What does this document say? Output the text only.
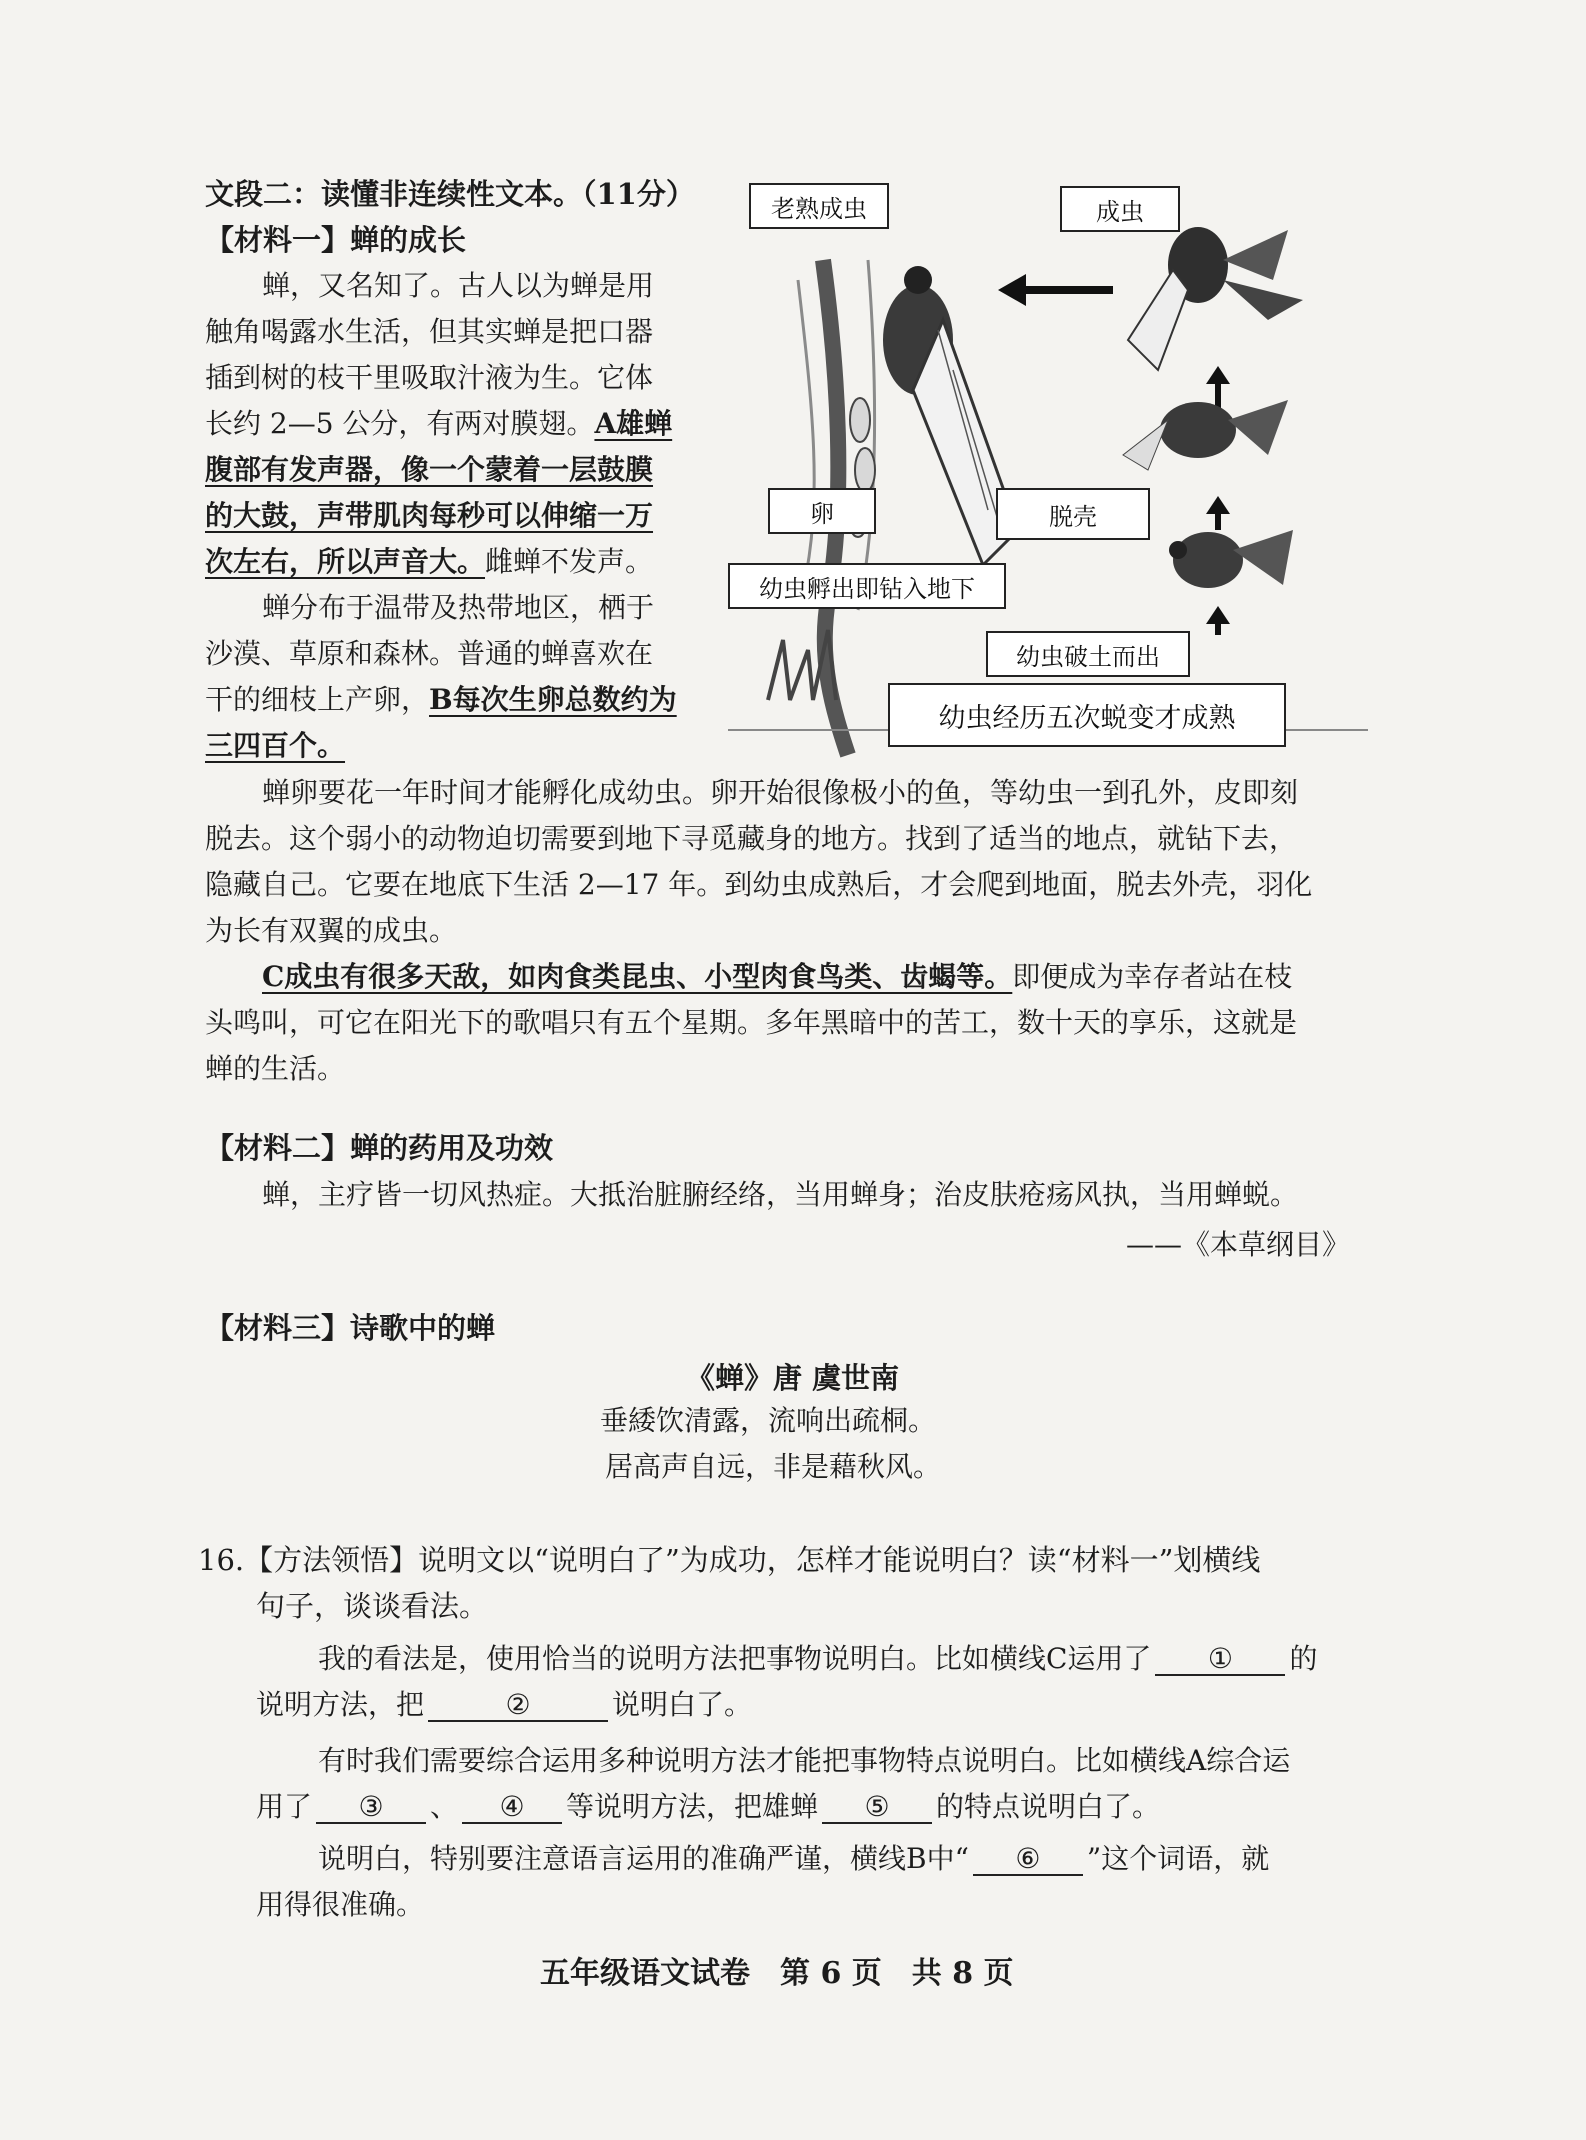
文段二：读懂非连续性文本。（11分）
【材料一】蝉的成长
蝉，又名知了。古人以为蝉是用
触角喝露水生活，但其实蝉是把口器
插到树的枝干里吸取汁液为生。它体
长约 2—5 公分，有两对膜翅。A雄蝉
腹部有发声器，像一个蒙着一层鼓膜
的大鼓，声带肌肉每秒可以伸缩一万
次左右，所以声音大。雌蝉不发声。
蝉分布于温带及热带地区，栖于
沙漠、草原和森林。普通的蝉喜欢在
干的细枝上产卵，B每次生卵总数约为
三四百个。
老熟成虫	成虫
卵	脱壳
幼虫孵出即钻入地下
幼虫破土而出
幼虫经历五次蜕变才成熟
蝉卵要花一年时间才能孵化成幼虫。卵开始很像极小的鱼，等幼虫一到孔外，皮即刻
脱去。这个弱小的动物迫切需要到地下寻觅藏身的地方。找到了适当的地点，就钻下去，
隐藏自己。它要在地底下生活 2—17 年。到幼虫成熟后，才会爬到地面，脱去外壳，羽化
为长有双翼的成虫。
C成虫有很多天敌，如肉食类昆虫、小型肉食鸟类、齿蝎等。即便成为幸存者站在枝
头鸣叫，可它在阳光下的歌唱只有五个星期。多年黑暗中的苦工，数十天的享乐，这就是
蝉的生活。
【材料二】蝉的药用及功效
蝉，主疗皆一切风热症。大抵治脏腑经络，当用蝉身；治皮肤疮疡风执，当用蝉蜕。
——《本草纲目》
【材料三】诗歌中的蝉
《蝉》唐 虞世南
垂緌饮清露，流响出疏桐。
居高声自远，非是藉秋风。
16.【方法领悟】说明文以“说明白了”为成功，怎样才能说明白？读“材料一”划横线
句子，谈谈看法。
我的看法是，使用恰当的说明方法把事物说明白。比如横线C运用了 ① 的
说明方法，把	②	说明白了。
有时我们需要综合运用多种说明方法才能把事物特点说明白。比如横线A综合运
用了 ③ 、 ④ 等说明方法，把雄蝉 ⑤ 的特点说明白了。
说明白，特别要注意语言运用的准确严谨，横线B中“ ⑥ ”这个词语，就
用得很准确。
五年级语文试卷　第 6 页　共 8 页
